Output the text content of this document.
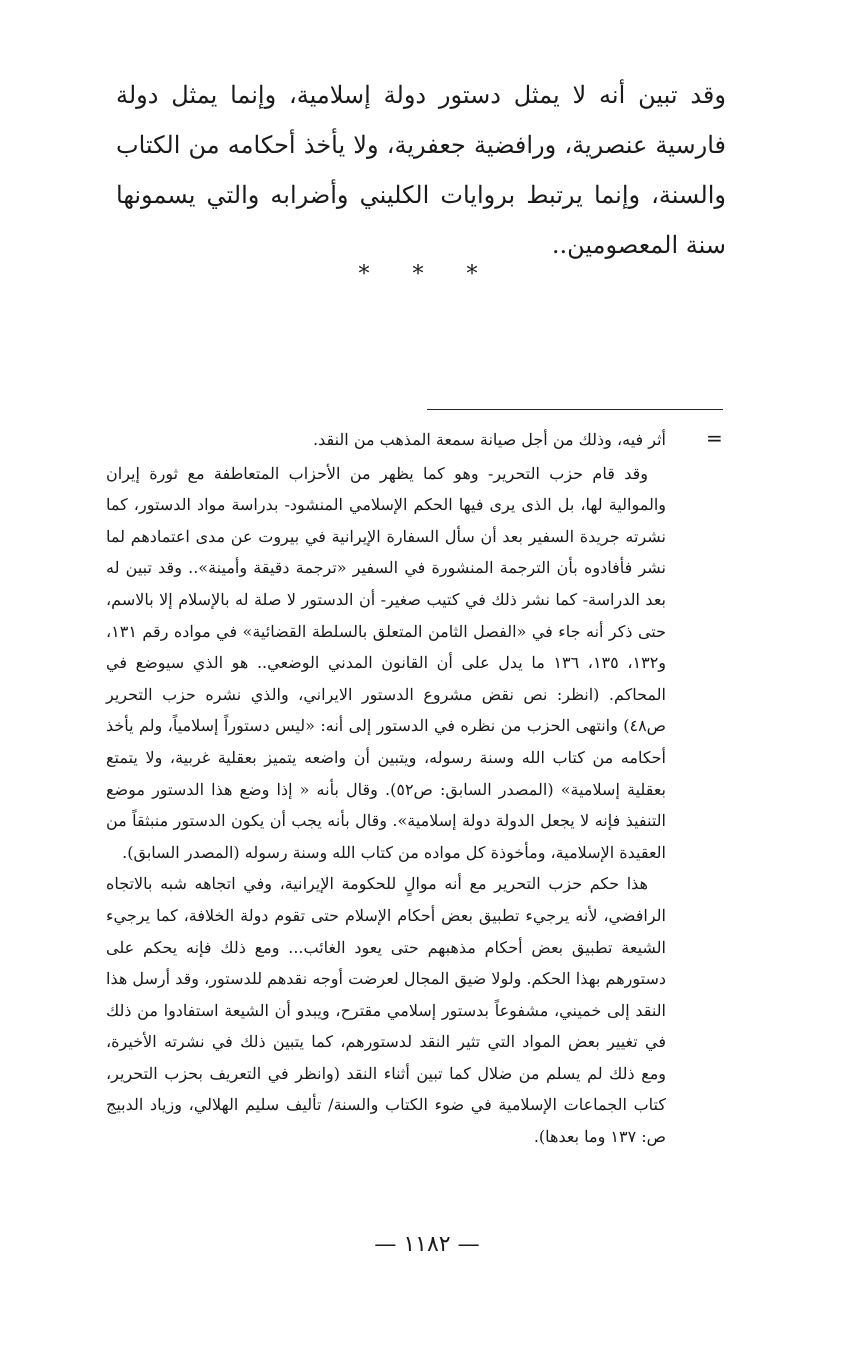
وقد تبين أنه لا يمثل دستور دولة إسلامية، وإنما يمثل دولة فارسية عنصرية، ورافضية جعفرية، ولا يأخذ أحكامه من الكتاب والسنة، وإنما يرتبط بروايات الكليني وأضرابه والتي يسمونها سنة المعصومين..

* * *
=

أثر فيه، وذلك من أجل صيانة سمعة المذهب من النقد.

وقد قام حزب التحرير- وهو كما يظهر من الأحزاب المتعاطفة مع ثورة إيران والموالية لها، بل الذى يرى فيها الحكم الإسلامي المنشود- بدراسة مواد الدستور، كما نشرته جريدة السفير بعد أن سأل السفارة الإيرانية في بيروت عن مدى اعتمادهم لما نشر فأفادوه بأن الترجمة المنشورة في السفير «ترجمة دقيقة وأمينة».. وقد تبين له بعد الدراسة- كما نشر ذلك في كتيب صغير- أن الدستور لا صلة له بالإسلام إلا بالاسم، حتى ذكر أنه جاء في «الفصل الثامن المتعلق بالسلطة القضائية» في مواده رقم ١٣١، و١٣٢، ١٣٥، ١٣٦ ما يدل على أن القانون المدني الوضعي.. هو الذي سيوضع في المحاكم. (انظر: نص نقض مشروع الدستور الايراني، والذي نشره حزب التحرير ص٤٨) وانتهى الحزب من نظره في الدستور إلى أنه: «ليس دستوراً إسلامياً، ولم يأخذ أحكامه من كتاب الله وسنة رسوله، ويتبين أن واضعه يتميز بعقلية غربية، ولا يتمتع بعقلية إسلامية» (المصدر السابق: ص٥٢). وقال بأنه « إذا وضع هذا الدستور موضع التنفيذ فإنه لا يجعل الدولة دولة إسلامية». وقال بأنه يجب أن يكون الدستور منبثقاً من العقيدة الإسلامية، ومأخوذة كل مواده من كتاب الله وسنة رسوله (المصدر السابق).

هذا حكم حزب التحرير مع أنه موالٍ للحكومة الإيرانية، وفي اتجاهه شبه بالاتجاه الرافضي، لأنه يرجيء تطبيق بعض أحكام الإسلام حتى تقوم دولة الخلافة، كما يرجيء الشيعة تطبيق بعض أحكام مذهبهم حتى يعود الغائب... ومع ذلك فإنه يحكم على دستورهم بهذا الحكم. ولولا ضيق المجال لعرضت أوجه نقدهم للدستور، وقد أرسل هذا النقد إلى خميني، مشفوعاً بدستور إسلامي مقترح، ويبدو أن الشيعة استفادوا من ذلك في تغيير بعض المواد التي تثير النقد لدستورهم، كما يتبين ذلك في نشرته الأخيرة، ومع ذلك لم يسلم من ضلال كما تبين أثناء النقد (وانظر في التعريف بحزب التحرير، كتاب الجماعات الإسلامية في ضوء الكتاب والسنة/ تأليف سليم الهلالي، وزياد الدبيج ص: ١٣٧ وما بعدها).

— ١١٨٢ —
